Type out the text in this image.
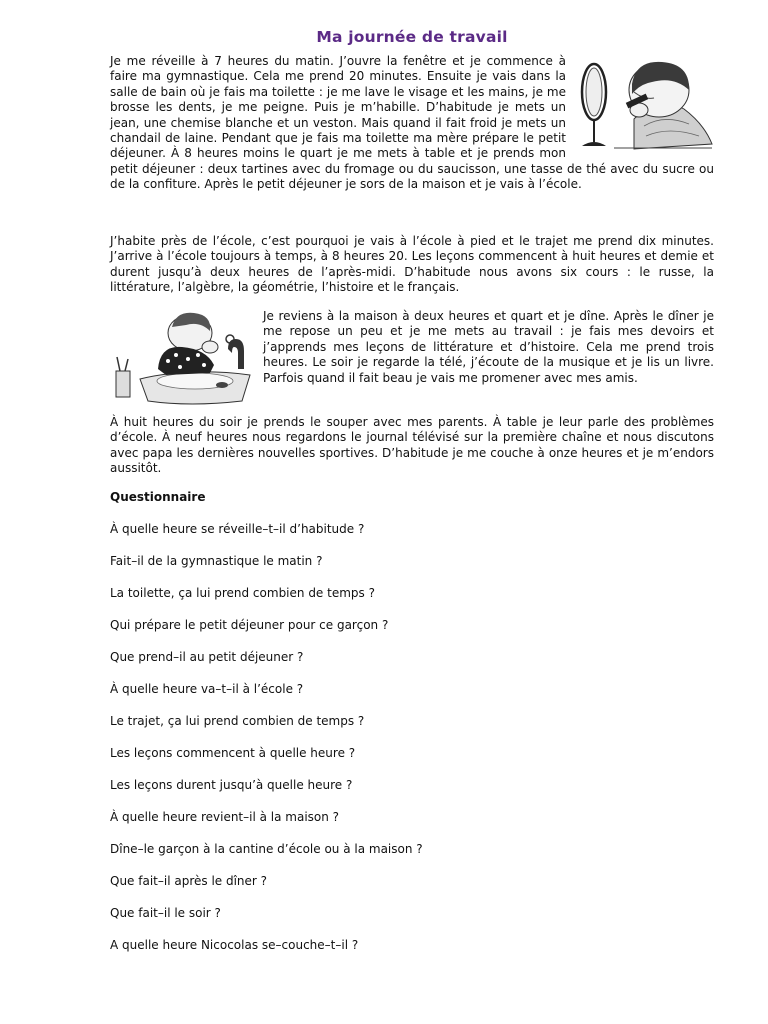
Ma journée de travail

Je me réveille à 7 heures du matin. J’ouvre la fenêtre et je commence à faire ma gymnastique. Cela me prend 20 minutes. Ensuite je vais dans la salle de bain où je fais ma toilette : je me lave le visage et les mains, je me brosse les dents, je me peigne. Puis je m’habille. D’habitude je mets un jean, une chemise blanche et un veston. Mais quand il fait froid je mets un chandail de laine. Pendant que je fais ma toilette ma mère prépare le petit déjeuner. À 8 heures moins le quart je me mets à table et je prends mon petit déjeuner : deux tartines avec du fromage ou du saucisson, une tasse de thé avec du sucre ou de la confiture. Après le petit déjeuner je sors de la maison et je vais à l’école.

J’habite près de l’école, c’est pourquoi je vais à l’école à pied et le trajet me prend dix minutes. J’arrive à l’école toujours à temps, à 8 heures 20. Les leçons commencent à huit heures et demie et durent jusqu’à deux heures de l’après-midi. D’habitude nous avons six cours : le russe, la littérature, l’algèbre, la géométrie, l’histoire et le français.

Je reviens à la maison à deux heures et quart et je dîne. Après le dîner je me repose un peu et je me mets au travail : je fais mes devoirs et j’apprends mes leçons de littérature et d’histoire. Cela me prend trois heures. Le soir je regarde la télé, j’écoute de la musique et je lis un livre. Parfois quand il fait beau je vais me promener avec mes amis.

À huit heures du soir je prends le souper avec mes parents. À table je leur parle des problèmes d’école. À neuf heures nous regardons le journal télévisé sur la première chaîne et nous discutons avec papa les dernières nouvelles sportives. D’habitude je me couche à onze heures et je m’endors aussitôt.

Questionnaire
À quelle heure se réveille–t–il d’habitude ?
Fait–il de la gymnastique le matin ?
La toilette, ça lui prend combien de temps ?
Qui prépare le petit déjeuner pour ce garçon ?
Que prend–il au petit déjeuner ?
À quelle heure va–t–il à l’école ?
Le trajet, ça lui prend combien de temps ?
Les leçons commencent à quelle heure ?
Les leçons durent jusqu’à quelle heure ?
À quelle heure revient–il à la maison ?
Dîne–le garçon à la cantine d’école ou à la maison ?
Que fait–il après le dîner ?
Que fait–il le soir ?
A quelle heure Nicocolas se–couche–t–il ?
